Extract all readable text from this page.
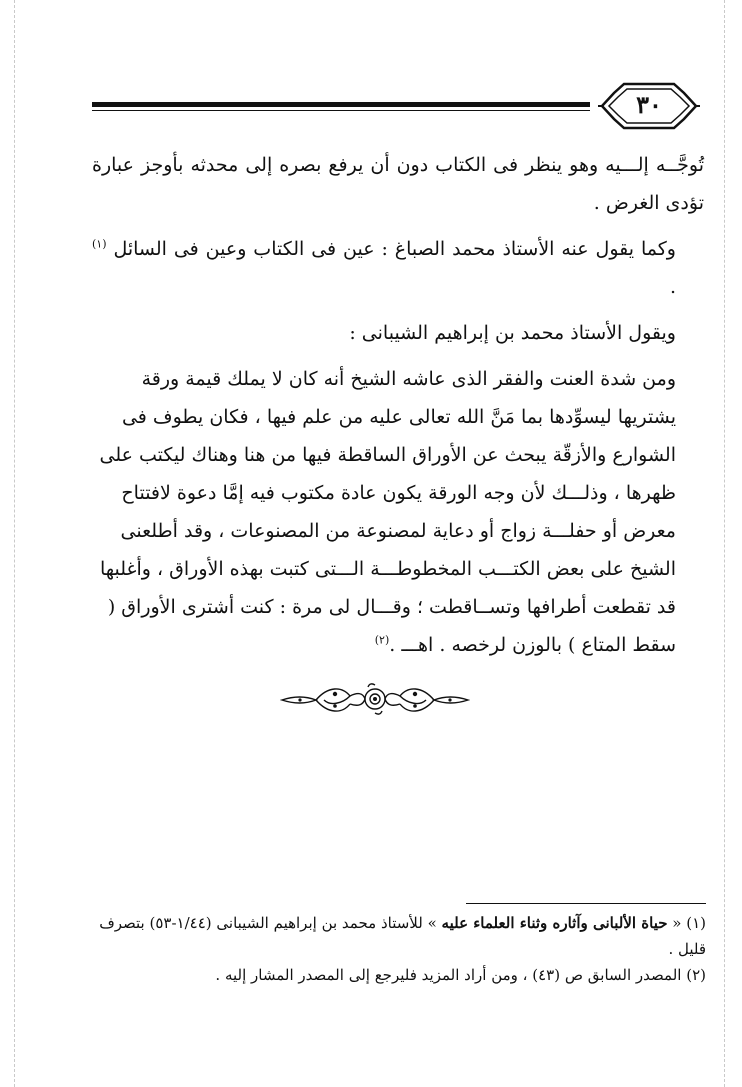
٣٠

تُوجَّــه إلـــيه وهو ينظر فى الكتاب دون أن يرفع بصره إلى محدثه بأوجز عبارة تؤدى الغرض .

وكما يقول عنه الأستاذ محمد الصباغ : عين فى الكتاب وعين فى السائل $^{(١)}$ .

ويقول الأستاذ محمد بن إبراهيم الشيبانى :

ومن شدة العنت والفقر الذى عاشه الشيخ أنه كان لا يملك قيمة ورقة يشتريها ليسوِّدها بما مَنَّ الله تعالى عليه من علم فيها ، فكان يطوف فى الشوارع والأزقّة يبحث عن الأوراق الساقطة فيها من هنا وهناك ليكتب على ظهرها ، وذلـــك لأن وجه الورقة يكون عادة مكتوب فيه إمَّا دعوة لافتتاح معرض أو حفلـــة زواج أو دعاية لمصنوعة من المصنوعات ، وقد أطلعنى الشيخ على بعض الكتـــب المخطوطـــة الـــتى كتبت بهذه الأوراق ، وأغلبها قد تقطعت أطرافها وتســاقطت ؛ وقـــال لى مرة : كنت أشترى الأوراق ( سقط المتاع ) بالوزن لرخصه . اهـــ .$^{(٢)}$

(١) « حياة الألبانى وآثاره وثناء العلماء عليه » للأستاذ محمد بن إبراهيم الشيبانى (١/٤٤-٥٣) بتصرف قليل .

(٢) المصدر السابق ص (٤٣) ، ومن أراد المزيد فليرجع إلى المصدر المشار إليه .
